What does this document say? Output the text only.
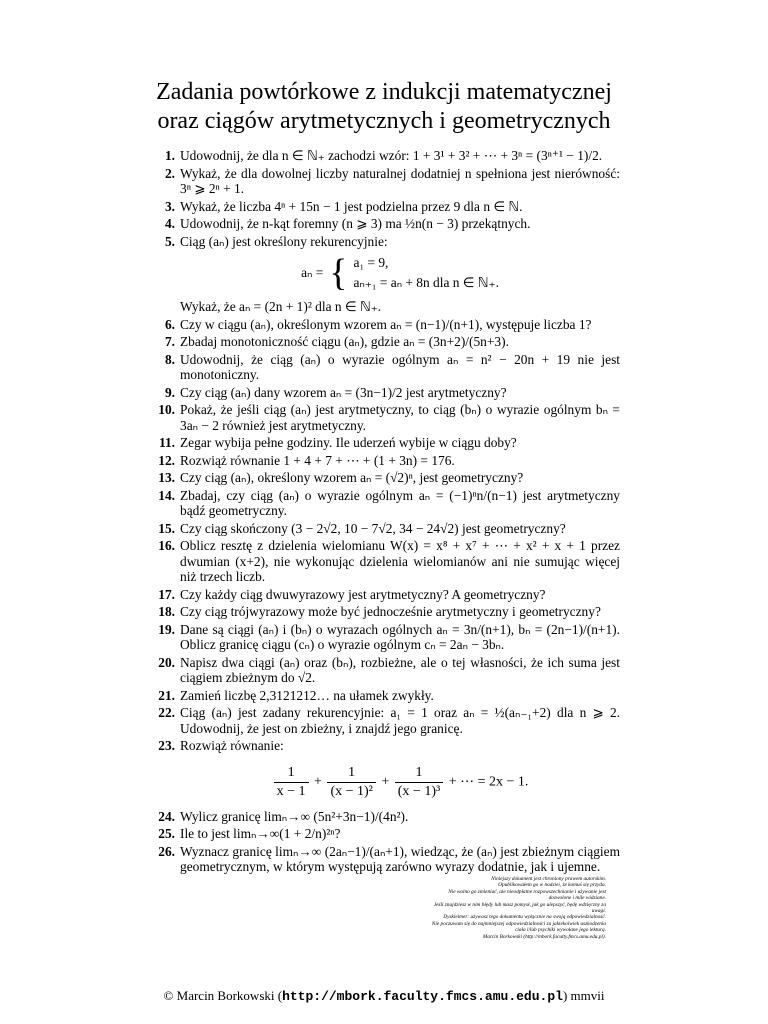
Zadania powtórkowe z indukcji matematycznej
oraz ciągów arytmetycznych i geometrycznych
1. Udowodnij, że dla n ∈ ℕ₊ zachodzi wzór: 1 + 3¹ + 3² + ⋯ + 3ⁿ = (3ⁿ⁺¹ − 1)/2.
2. Wykaż, że dla dowolnej liczby naturalnej dodatniej n spełniona jest nierówność: 3ⁿ ⩾ 2ⁿ + 1.
3. Wykaż, że liczba 4ⁿ + 15n − 1 jest podzielna przez 9 dla n ∈ ℕ.
4. Udowodnij, że n-kąt foremny (n ⩾ 3) ma ½n(n − 3) przekątnych.
5. Ciąg (aₙ) jest określony rekurencyjnie:
aₙ = { a₁ = 9,
aₙ₊₁ = aₙ + 8n dla n ∈ ℕ₊.
Wykaż, że aₙ = (2n + 1)² dla n ∈ ℕ₊.
6. Czy w ciągu (aₙ), określonym wzorem aₙ = (n−1)/(n+1), występuje liczba 1?
7. Zbadaj monotoniczność ciągu (aₙ), gdzie aₙ = (3n+2)/(5n+3).
8. Udowodnij, że ciąg (aₙ) o wyrazie ogólnym aₙ = n² − 20n + 19 nie jest monotoniczny.
9. Czy ciąg (aₙ) dany wzorem aₙ = (3n−1)/2 jest arytmetyczny?
10. Pokaż, że jeśli ciąg (aₙ) jest arytmetyczny, to ciąg (bₙ) o wyrazie ogólnym bₙ = 3aₙ − 2 również jest arytmetyczny.
11. Zegar wybija pełne godziny. Ile uderzeń wybije w ciągu doby?
12. Rozwiąż równanie 1 + 4 + 7 + ⋯ + (1 + 3n) = 176.
13. Czy ciąg (aₙ), określony wzorem aₙ = (√2)ⁿ, jest geometryczny?
14. Zbadaj, czy ciąg (aₙ) o wyrazie ogólnym aₙ = (−1)ⁿn/(n−1) jest arytmetyczny bądź geometryczny.
15. Czy ciąg skończony (3 − 2√2, 10 − 7√2, 34 − 24√2) jest geometryczny?
16. Oblicz resztę z dzielenia wielomianu W(x) = x⁸ + x⁷ + ⋯ + x² + x + 1 przez dwumian (x+2), nie wykonując dzielenia wielomianów ani nie sumując więcej niż trzech liczb.
17. Czy każdy ciąg dwuwyrazowy jest arytmetyczny? A geometryczny?
18. Czy ciąg trójwyrazowy może być jednocześnie arytmetyczny i geometryczny?
19. Dane są ciągi (aₙ) i (bₙ) o wyrazach ogólnych aₙ = 3n/(n+1), bₙ = (2n−1)/(n+1). Oblicz granicę ciągu (cₙ) o wyrazie ogólnym cₙ = 2aₙ − 3bₙ.
20. Napisz dwa ciągi (aₙ) oraz (bₙ), rozbieżne, ale o tej własności, że ich suma jest ciągiem zbieżnym do √2.
21. Zamień liczbę 2,3121212… na ułamek zwykły.
22. Ciąg (aₙ) jest zadany rekurencyjnie: a₁ = 1 oraz aₙ = ½(aₙ₋₁+2) dla n ⩾ 2. Udowodnij, że jest on zbieżny, i znajdź jego granicę.
23. Rozwiąż równanie:
$\frac{1}{x - 1} + \frac{1}{\text{(x − 1)²}} + \frac{1}{\text{(x − 1)³}}$ + ⋯ = 2x − 1.
24. Wylicz granicę limₙ→∞ (5n²+3n−1)/(4n²).
25. Ile to jest limₙ→∞(1 + 2/n)²ⁿ?
26. Wyznacz granicę limₙ→∞ (2aₙ−1)/(aₙ+1), wiedząc, że (aₙ) jest zbieżnym ciągiem geometrycznym, w którym występują zarówno wyrazy dodatnie, jak i ujemne.
Niniejszy dokument jest chroniony prawem autorskim.
Opublikowałem go w nadziei, że komuś się przyda.
Nie wolno go zmieniać, ale nieodpłatne rozpowszechnianie i używanie jest dozwolone i mile widziane.
Jeśli znajdziesz w nim błędy lub masz pomysł, jak go ulepszyć, będę wdzięczny za uwagi.
Dyskleimer: używasz tego dokumentu wyłącznie na swoją odpowiedzialność.
Nie poczuwam się do najmniejszej odpowiedzialności za jakiekolwiek uszkodzenia ciała i/lub psychiki wywołane jego lekturą.
Marcin Borkowski (http://mbork.faculty.fmcs.amu.edu.pl).
© Marcin Borkowski (http://mbork.faculty.fmcs.amu.edu.pl) mmvii
